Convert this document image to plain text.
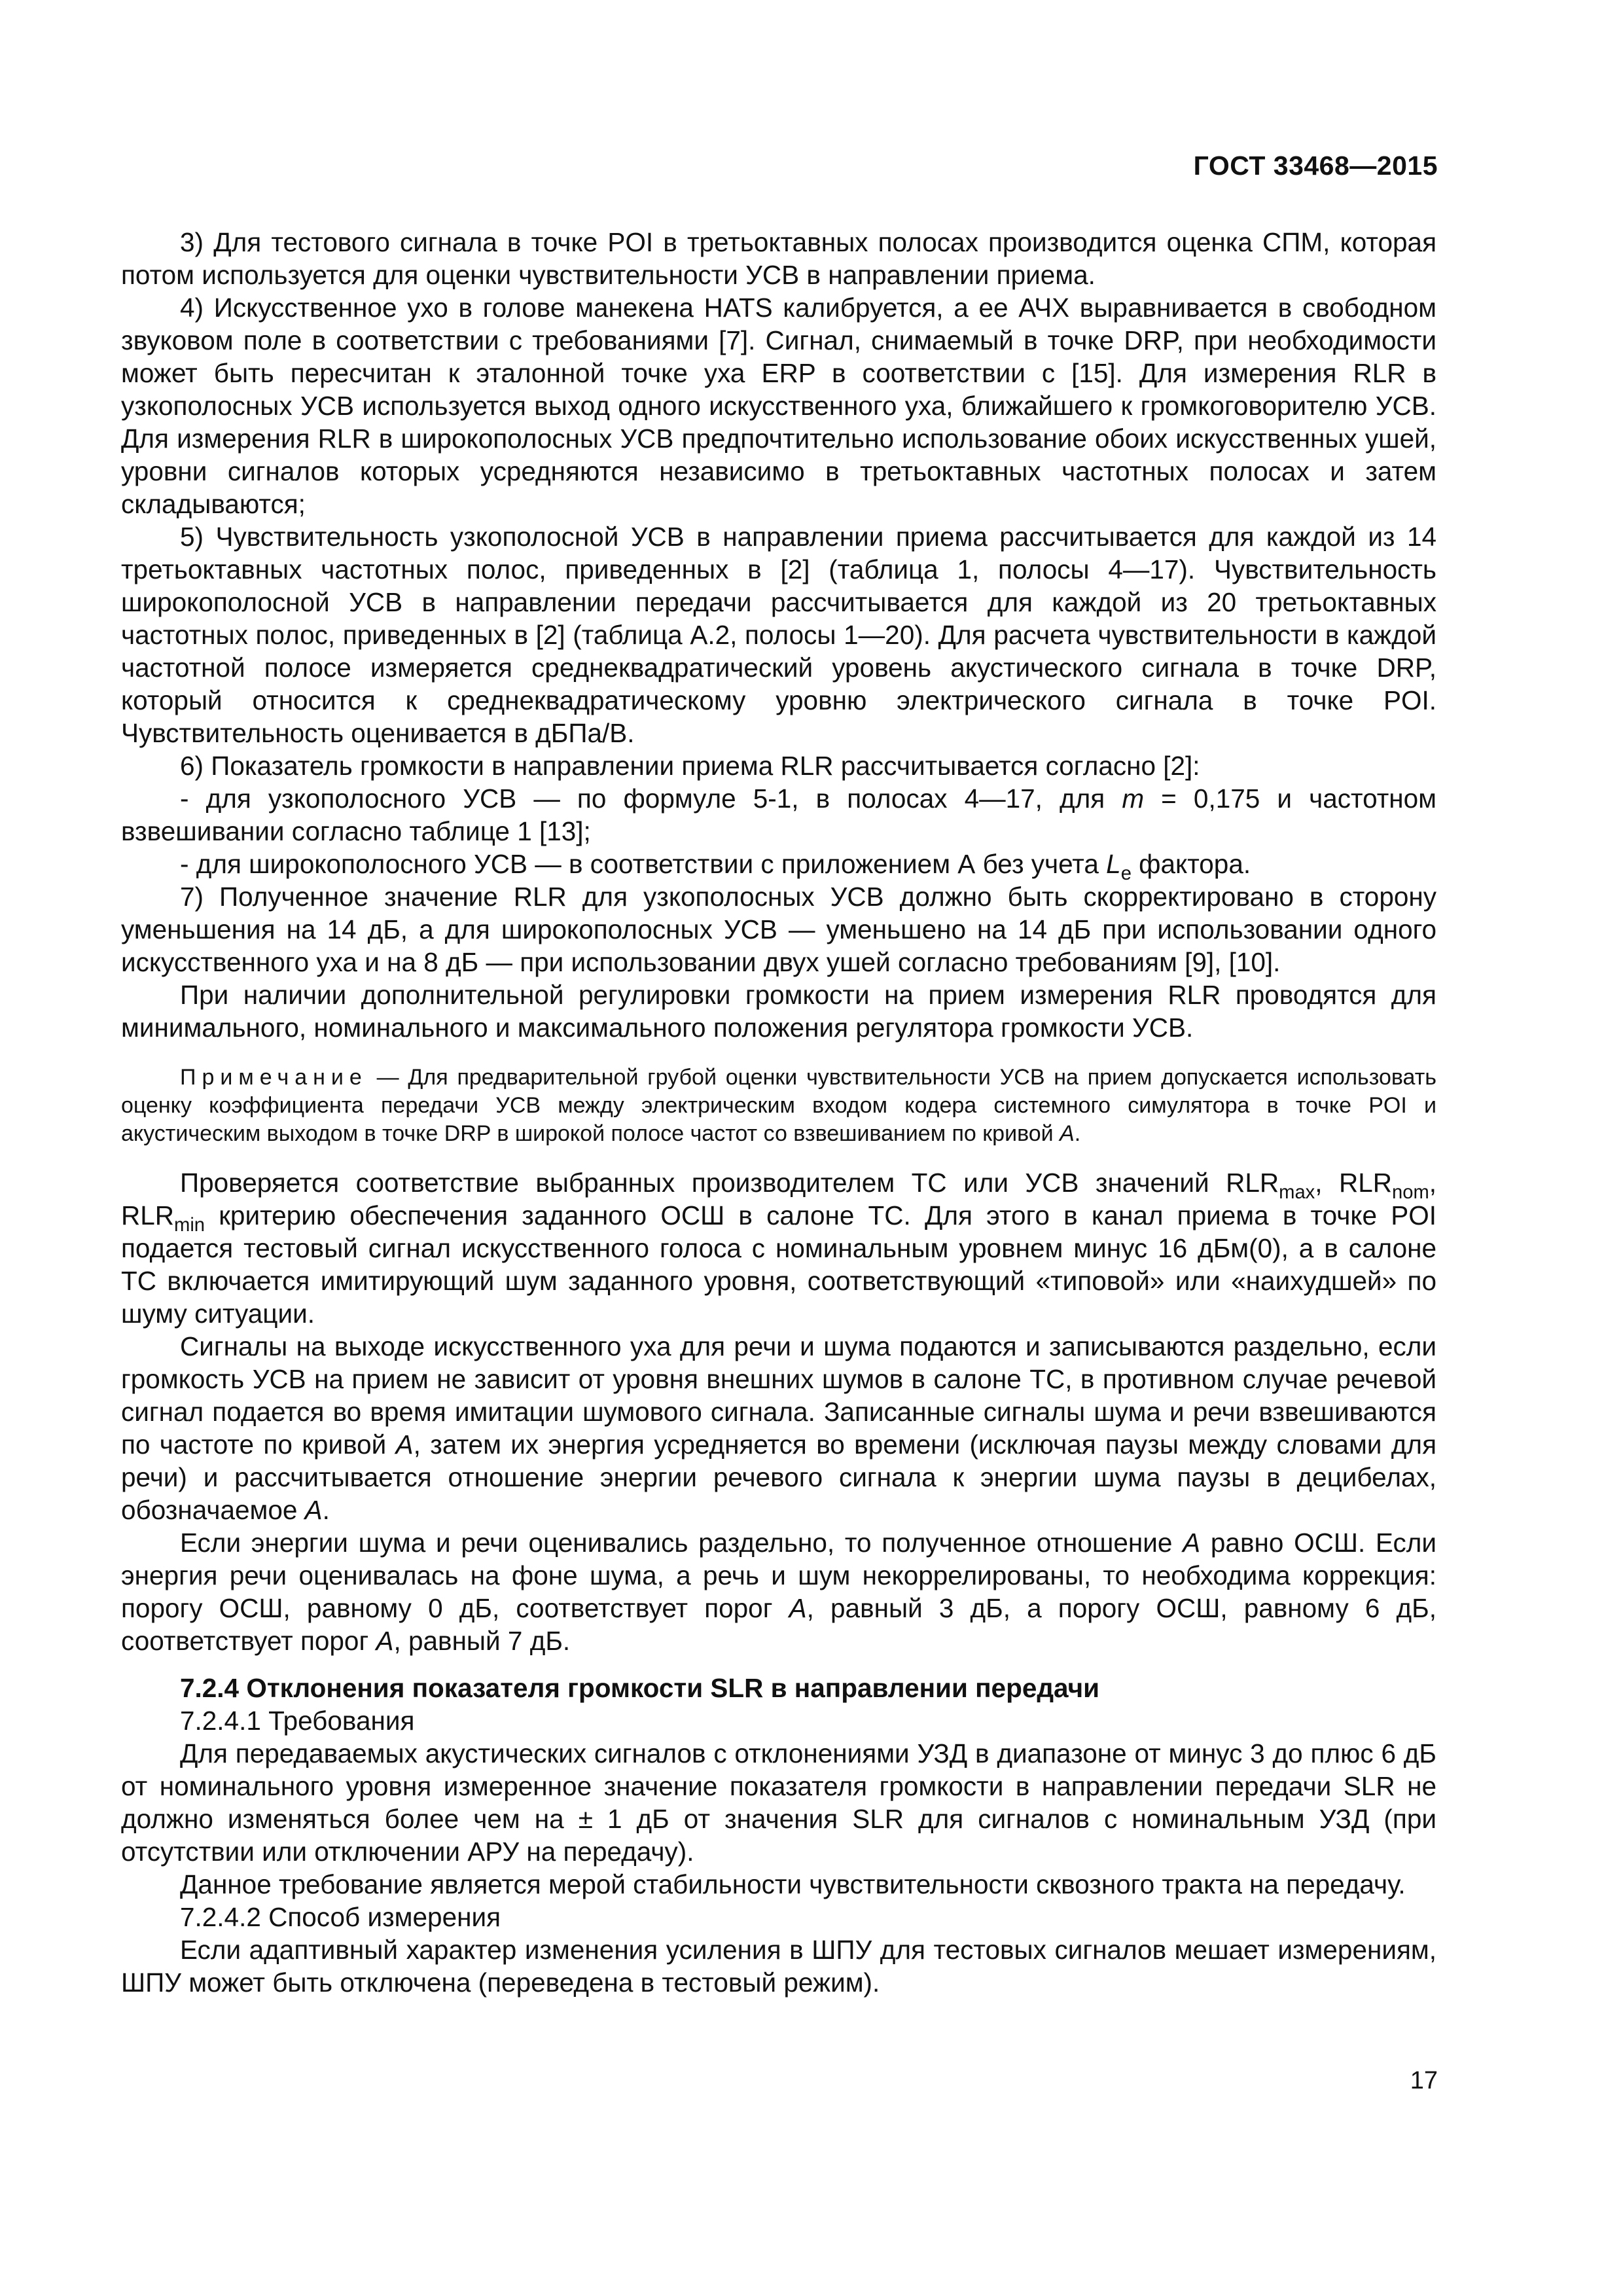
ГОСТ 33468—2015

3) Для тестового сигнала в точке POI в третьоктавных полосах производится оценка СПМ, которая потом используется для оценки чувствительности УСВ в направлении приема.

4) Искусственное ухо в голове манекена HATS калибруется, а ее АЧХ выравнивается в свободном звуковом поле в соответствии с требованиями [7]. Сигнал, снимаемый в точке DRP, при необходимости может быть пересчитан к эталонной точке уха ERP в соответствии с [15]. Для измерения RLR в узкополосных УСВ используется выход одного искусственного уха, ближайшего к громкоговорителю УСВ. Для измерения RLR в широкополосных УСВ предпочтительно использование обоих искусственных ушей, уровни сигналов которых усредняются независимо в третьоктавных частотных полосах и затем складываются;

5) Чувствительность узкополосной УСВ в направлении приема рассчитывается для каждой из 14 третьоктавных частотных полос, приведенных в [2] (таблица 1, полосы 4—17). Чувствительность широкополосной УСВ в направлении передачи рассчитывается для каждой из 20 третьоктавных частотных полос, приведенных в [2] (таблица А.2, полосы 1—20). Для расчета чувствительности в каждой частотной полосе измеряется среднеквадратический уровень акустического сигнала в точке DRP, который относится к среднеквадратическому уровню электрического сигнала в точке POI. Чувствительность оценивается в дБПа/В.

6) Показатель громкости в направлении приема RLR рассчитывается согласно [2]:

- для узкополосного УСВ — по формуле 5-1, в полосах 4—17, для m = 0,175 и частотном взвешивании согласно таблице 1 [13];

- для широкополосного УСВ — в соответствии с приложением А без учета $L_e$ фактора.

7) Полученное значение RLR для узкополосных УСВ должно быть скорректировано в сторону уменьшения на 14 дБ, а для широкополосных УСВ — уменьшено на 14 дБ при использовании одного искусственного уха и на 8 дБ — при использовании двух ушей согласно требованиям [9], [10].

При наличии дополнительной регулировки громкости на прием измерения RLR проводятся для минимального, номинального и максимального положения регулятора громкости УСВ.

Примечание — Для предварительной грубой оценки чувствительности УСВ на прием допускается использовать оценку коэффициента передачи УСВ между электрическим входом кодера системного симулятора в точке POI и акустическим выходом в точке DRP в широкой полосе частот со взвешиванием по кривой A.

Проверяется соответствие выбранных производителем ТС или УСВ значений $RLR_{max}$, $RLR_{nom}$, $RLR_{min}$ критерию обеспечения заданного ОСШ в салоне ТС. Для этого в канал приема в точке POI подается тестовый сигнал искусственного голоса с номинальным уровнем минус 16 дБм(0), а в салоне ТС включается имитирующий шум заданного уровня, соответствующий «типовой» или «наихудшей» по шуму ситуации.

Сигналы на выходе искусственного уха для речи и шума подаются и записываются раздельно, если громкость УСВ на прием не зависит от уровня внешних шумов в салоне ТС, в противном случае речевой сигнал подается во время имитации шумового сигнала. Записанные сигналы шума и речи взвешиваются по частоте по кривой А, затем их энергия усредняется во времени (исключая паузы между словами для речи) и рассчитывается отношение энергии речевого сигнала к энергии шума паузы в децибелах, обозначаемое А.

Если энергии шума и речи оценивались раздельно, то полученное отношение А равно ОСШ. Если энергия речи оценивалась на фоне шума, а речь и шум некоррелированы, то необходима коррекция: порогу ОСШ, равному 0 дБ, соответствует порог А, равный 3 дБ, а порогу ОСШ, равному 6 дБ, соответствует порог А, равный 7 дБ.

7.2.4 Отклонения показателя громкости SLR в направлении передачи

7.2.4.1 Требования

Для передаваемых акустических сигналов с отклонениями УЗД в диапазоне от минус 3 до плюс 6 дБ от номинального уровня измеренное значение показателя громкости в направлении передачи SLR не должно изменяться более чем на ± 1 дБ от значения SLR для сигналов с номинальным УЗД (при отсутствии или отключении АРУ на передачу).

Данное требование является мерой стабильности чувствительности сквозного тракта на передачу.

7.2.4.2 Способ измерения

Если адаптивный характер изменения усиления в ШПУ для тестовых сигналов мешает измерениям, ШПУ может быть отключена (переведена в тестовый режим).

17
